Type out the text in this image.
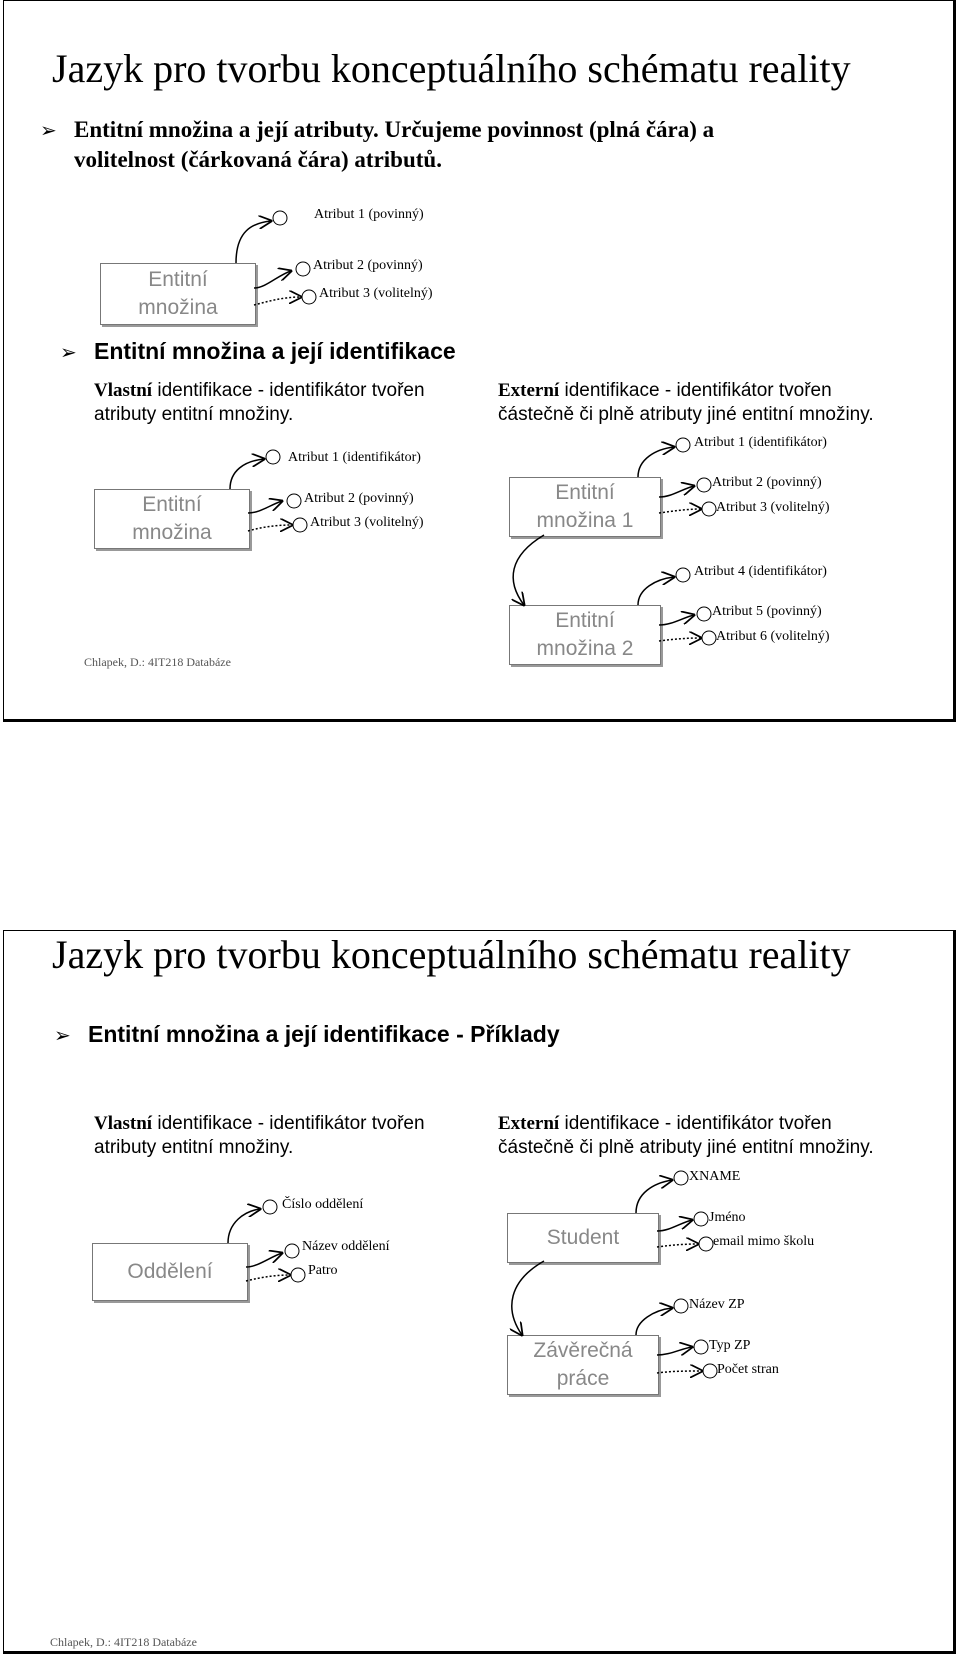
Jazyk pro tvorbu konceptuálního schématu reality
➢ Entitní množina a její atributy. Určujeme povinnost (plná čára) a
volitelnost (čárkovaná čára) atributů.
Entitní
množina
Atribut 1 (povinný)
Atribut 2 (povinný)
Atribut 3 (volitelný)
➢ Entitní množina a její identifikace
Vlastní identifikace - identifikátor tvořen
atributy entitní množiny.
Externí identifikace - identifikátor tvořen
částečně či plně atributy jiné entitní množiny.
Entitní
množina
Atribut 1 (identifikátor)
Atribut 2 (povinný)
Atribut 3 (volitelný)
Entitní
množina 1
Entitní
množina 2
Atribut 1 (identifikátor)
Atribut 2 (povinný)
Atribut 3 (volitelný)
Atribut 4 (identifikátor)
Atribut 5 (povinný)
Atribut 6 (volitelný)
Chlapek, D.: 4IT218 Databáze
Jazyk pro tvorbu konceptuálního schématu reality
➢ Entitní množina a její identifikace - Příklady
Vlastní identifikace - identifikátor tvořen
atributy entitní množiny.
Externí identifikace - identifikátor tvořen
částečně či plně atributy jiné entitní množiny.
Oddělení
Číslo oddělení
Název oddělení
Patro
Student
Závěrečná
práce
XNAME
Jméno
email mimo školu
Název ZP
Typ ZP
Počet stran
Chlapek, D.: 4IT218 Databáze
